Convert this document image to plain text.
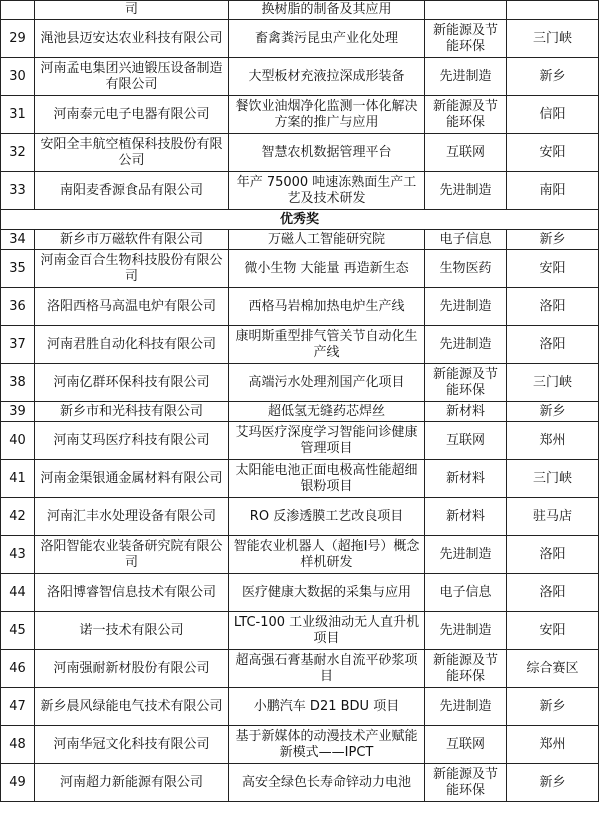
	司	换树脂的制备及其应用		
29	渑池县迈安达农业科技有限公司	畜禽粪污昆虫产业化处理	新能源及节能环保	三门峡
30	河南孟电集团兴迪锻压设备制造有限公司	大型板材充液拉深成形装备	先进制造	新乡
31	河南泰元电子电器有限公司	餐饮业油烟净化监测一体化解决方案的推广与应用	新能源及节能环保	信阳
32	安阳全丰航空植保科技股份有限公司	智慧农机数据管理平台	互联网	安阳
33	南阳麦香源食品有限公司	年产 75000 吨速冻熟面生产工艺及技术研发	先进制造	南阳
优秀奖				
34	新乡市万磁软件有限公司	万磁人工智能研究院	电子信息	新乡
35	河南金百合生物科技股份有限公司	微小生物 大能量 再造新生态	生物医药	安阳
36	洛阳西格马高温电炉有限公司	西格马岩棉加热电炉生产线	先进制造	洛阳
37	河南君胜自动化科技有限公司	康明斯重型排气管关节自动化生产线	先进制造	洛阳
38	河南亿群环保科技有限公司	高端污水处理剂国产化项目	新能源及节能环保	三门峡
39	新乡市和光科技有限公司	超低氢无缝药芯焊丝	新材料	新乡
40	河南艾玛医疗科技有限公司	艾玛医疗深度学习智能问诊健康管理项目	互联网	郑州
41	河南金渠银通金属材料有限公司	太阳能电池正面电极高性能超细银粉项目	新材料	三门峡
42	河南汇丰水处理设备有限公司	RO 反渗透膜工艺改良项目	新材料	驻马店
43	洛阳智能农业装备研究院有限公司	智能农业机器人（超拖Ⅰ号）概念样机研发	先进制造	洛阳
44	洛阳博睿智信息技术有限公司	医疗健康大数据的采集与应用	电子信息	洛阳
45	诺一技术有限公司	LTC-100 工业级油动无人直升机项目	先进制造	安阳
46	河南强耐新材股份有限公司	超高强石膏基耐水自流平砂浆项目	新能源及节能环保	综合赛区
47	新乡晨风绿能电气技术有限公司	小鹏汽车 D21 BDU 项目	先进制造	新乡
48	河南华冠文化科技有限公司	基于新媒体的动漫技术产业赋能新模式——IPCT	互联网	郑州
49	河南超力新能源有限公司	高安全绿色长寿命锌动力电池	新能源及节能环保	新乡
